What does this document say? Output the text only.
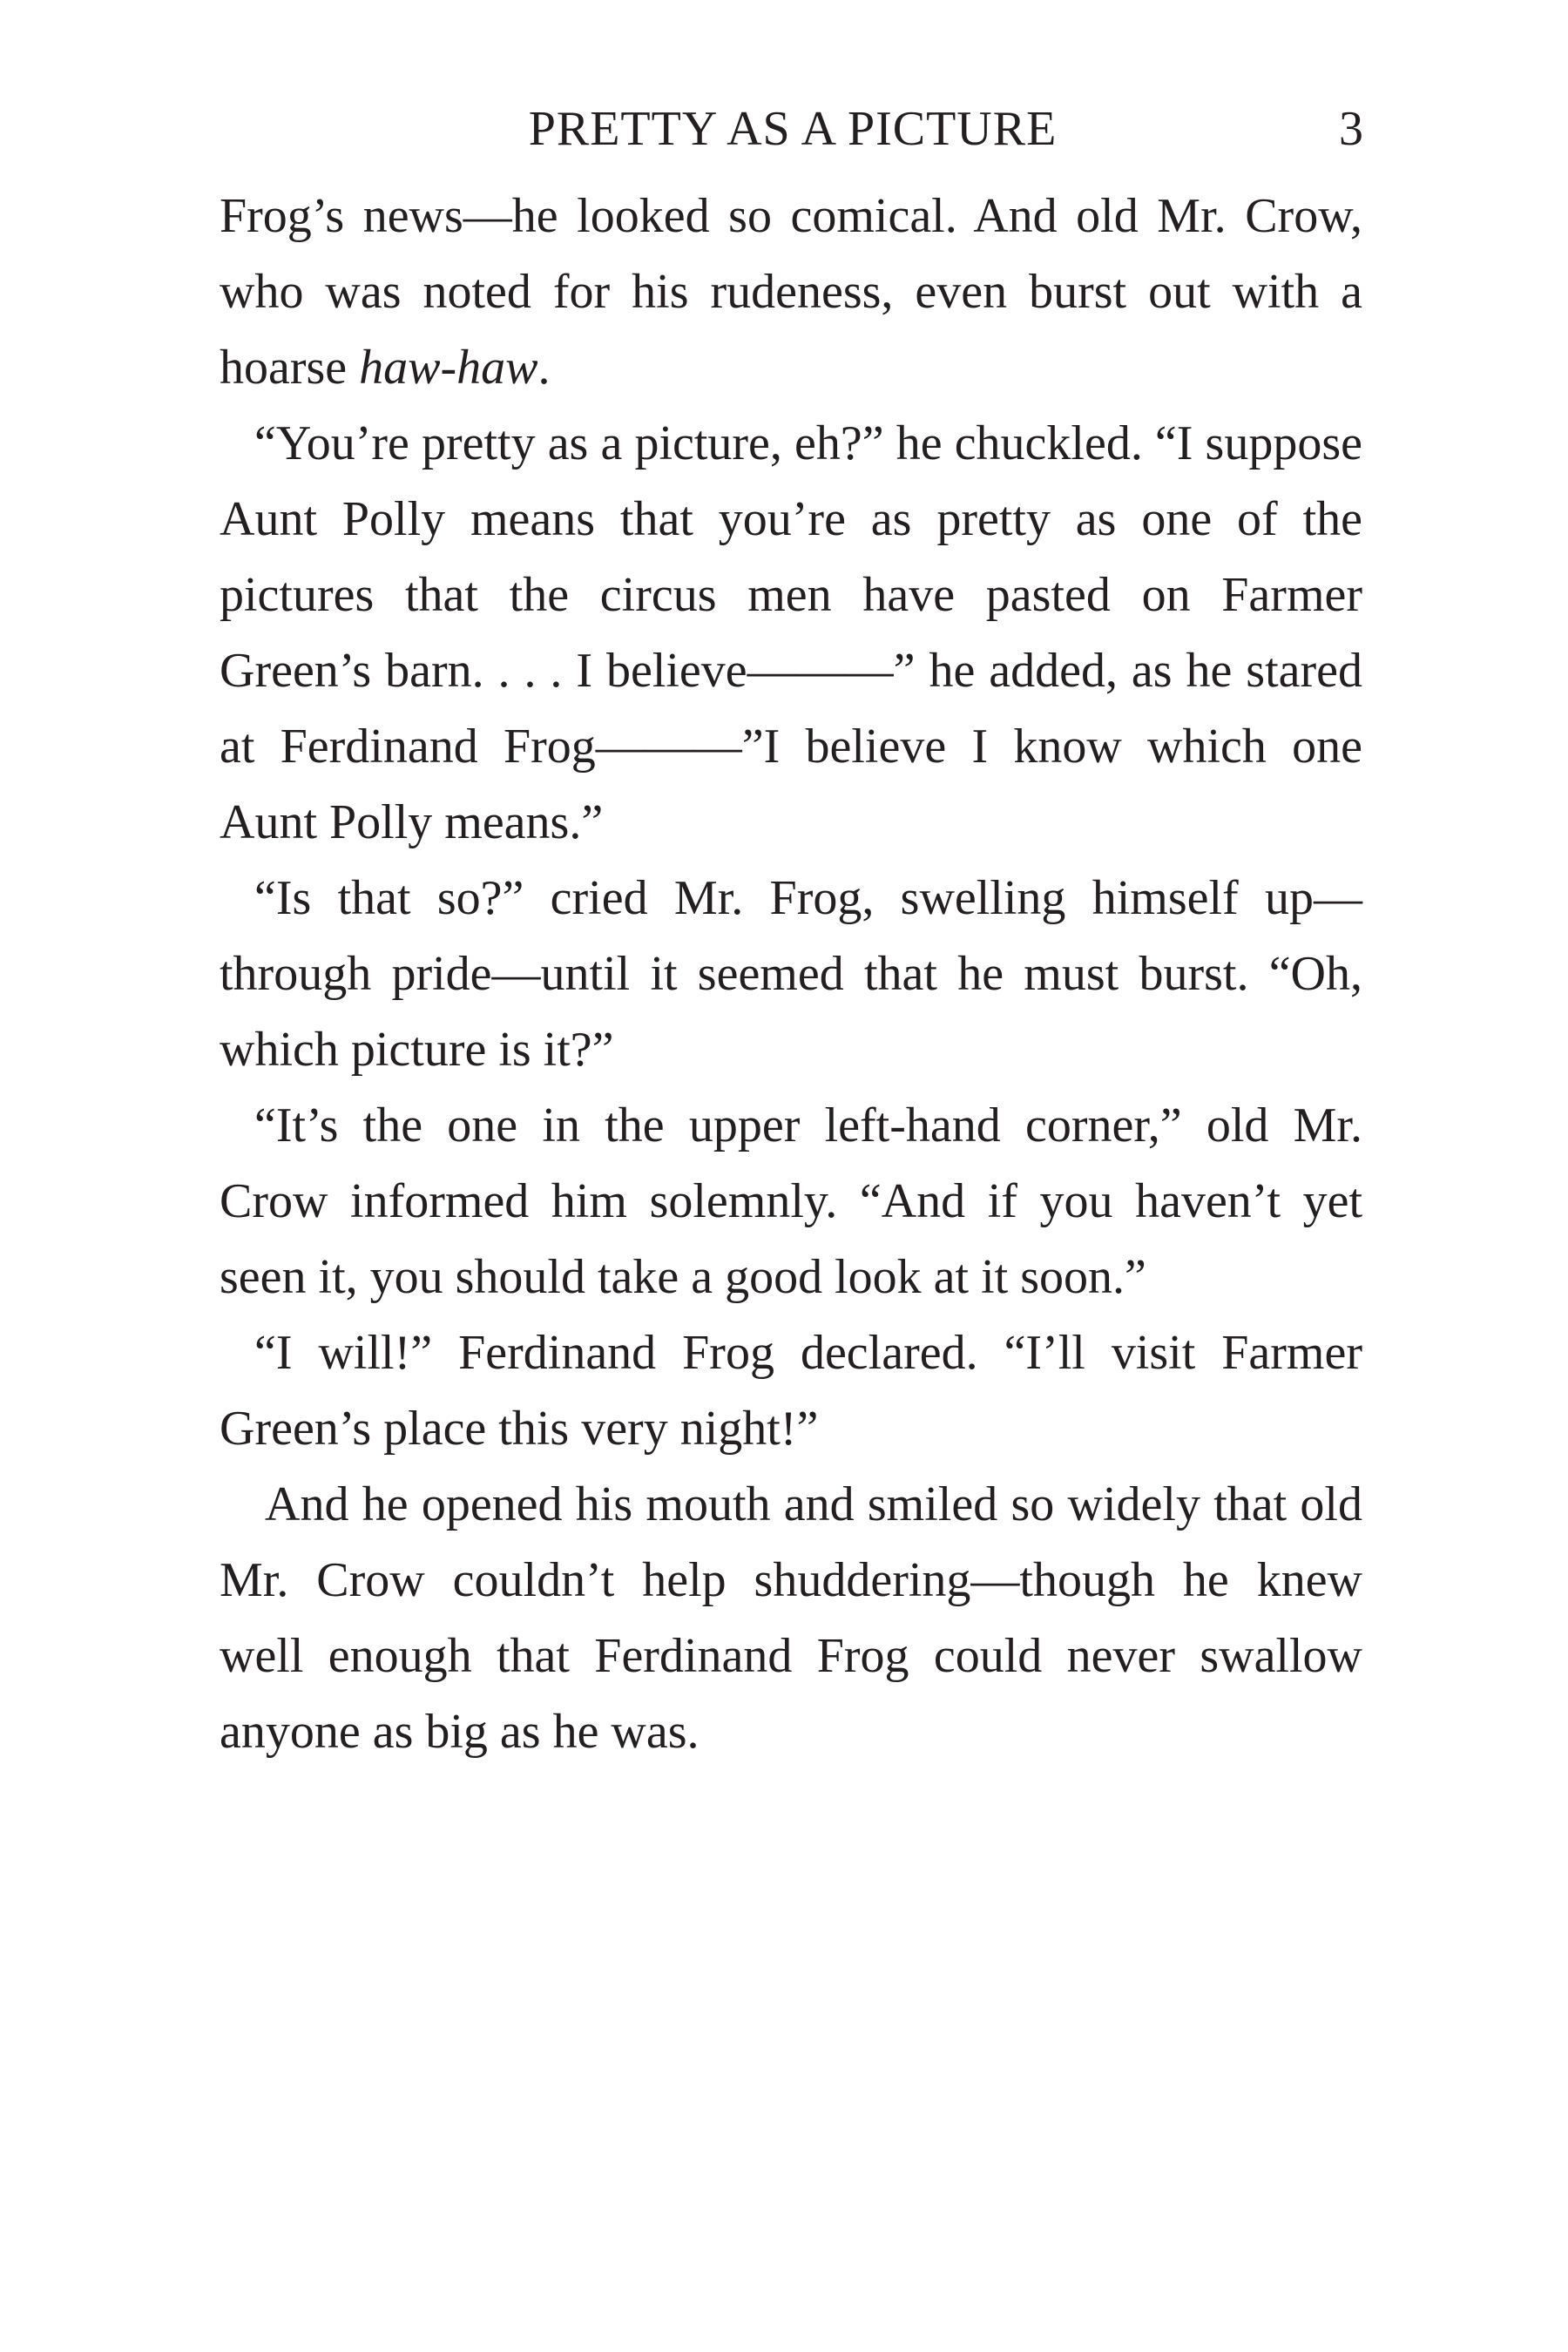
PRETTY AS A PICTURE	3

Frog’s news—he looked so comical. And old Mr. Crow, who was noted for his rudeness, even burst out with a hoarse haw-haw.

“You’re pretty as a picture, eh?” he chuckled. “I suppose Aunt Polly means that you’re as pretty as one of the pictures that the circus men have pasted on Farmer Green’s barn. . . . I believe———” he added, as he stared at Ferdinand Frog———”I believe I know which one Aunt Polly means.”

“Is that so?” cried Mr. Frog, swelling himself up—through pride—until it seemed that he must burst. “Oh, which picture is it?”

“It’s the one in the upper left-hand corner,” old Mr. Crow informed him solemnly. “And if you haven’t yet seen it, you should take a good look at it soon.”

“I will!” Ferdinand Frog declared. “I’ll visit Farmer Green’s place this very night!”

And he opened his mouth and smiled so widely that old Mr. Crow couldn’t help shuddering—though he knew well enough that Ferdinand Frog could never swallow anyone as big as he was.
